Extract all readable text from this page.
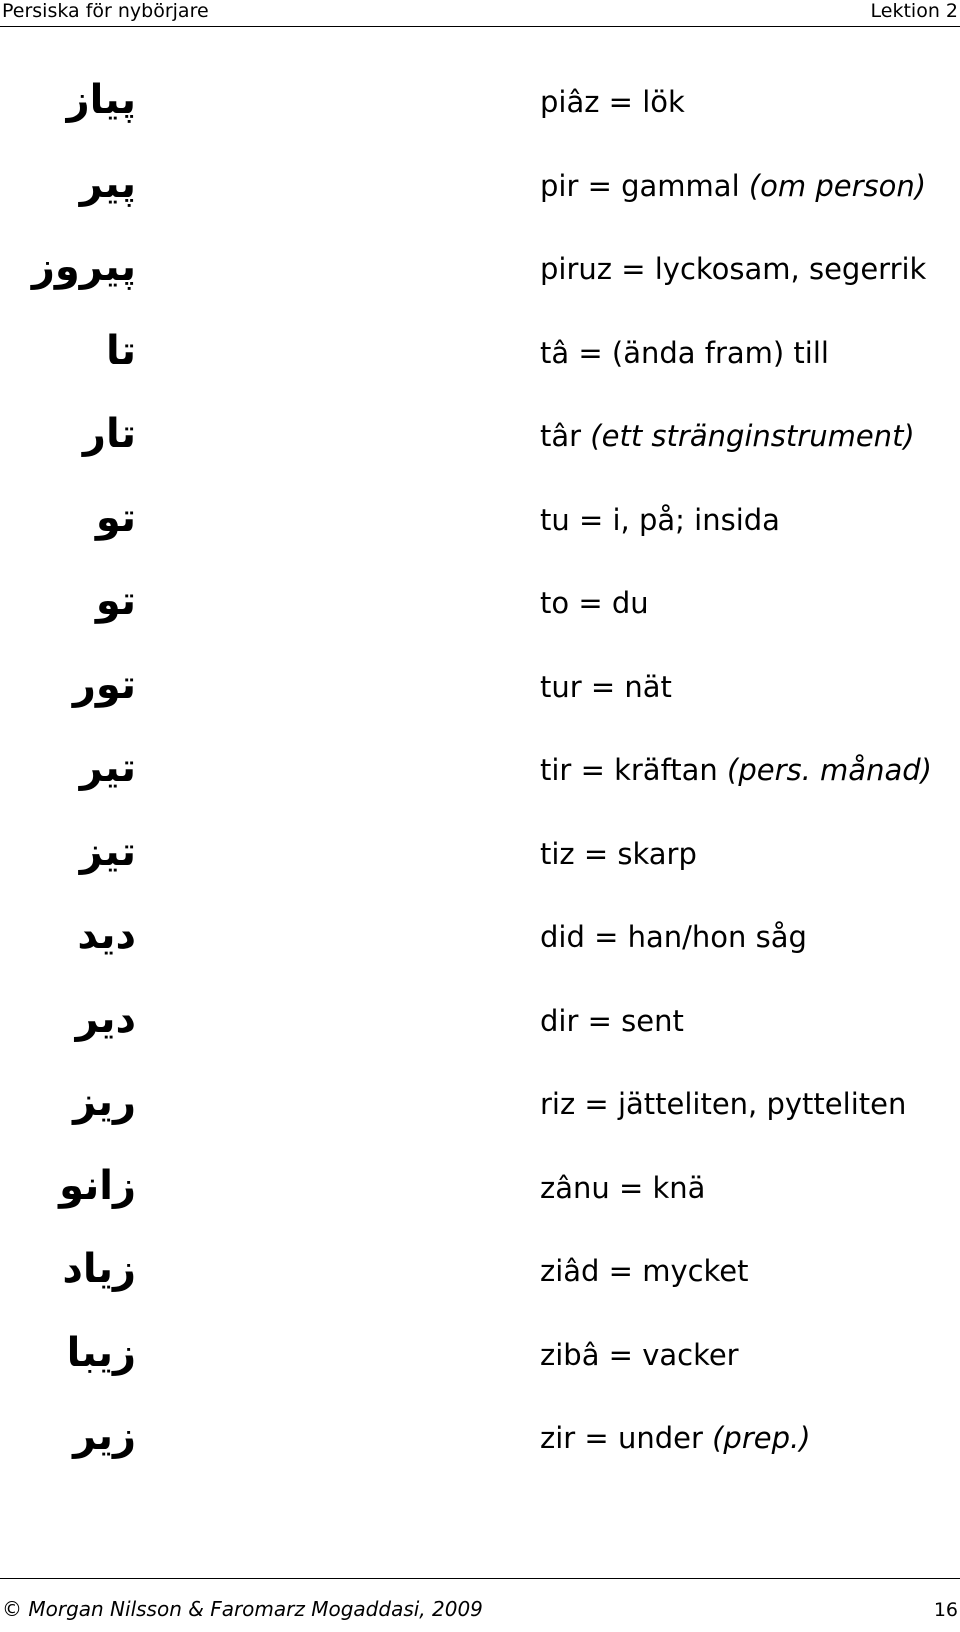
Persiska för nybörjare	Lektion 2
پیاز	piâz = lök
پیر	pir = gammal (om person)
پیروز	piruz = lyckosam, segerrik
تا	tâ = (ända fram) till
تار	târ (ett stränginstrument)
تو	tu = i, på; insida
تو	to = du
تور	tur = nät
تیر	tir = kräftan (pers. månad)
تیز	tiz = skarp
دید	did = han/hon såg
دیر	dir = sent
ریز	riz = jätteliten, pytteliten
زانو	zânu = knä
زیاد	ziâd = mycket
زیبا	zibâ = vacker
زیر	zir = under (prep.)
© Morgan Nilsson & Faromarz Mogaddasi, 2009	16
